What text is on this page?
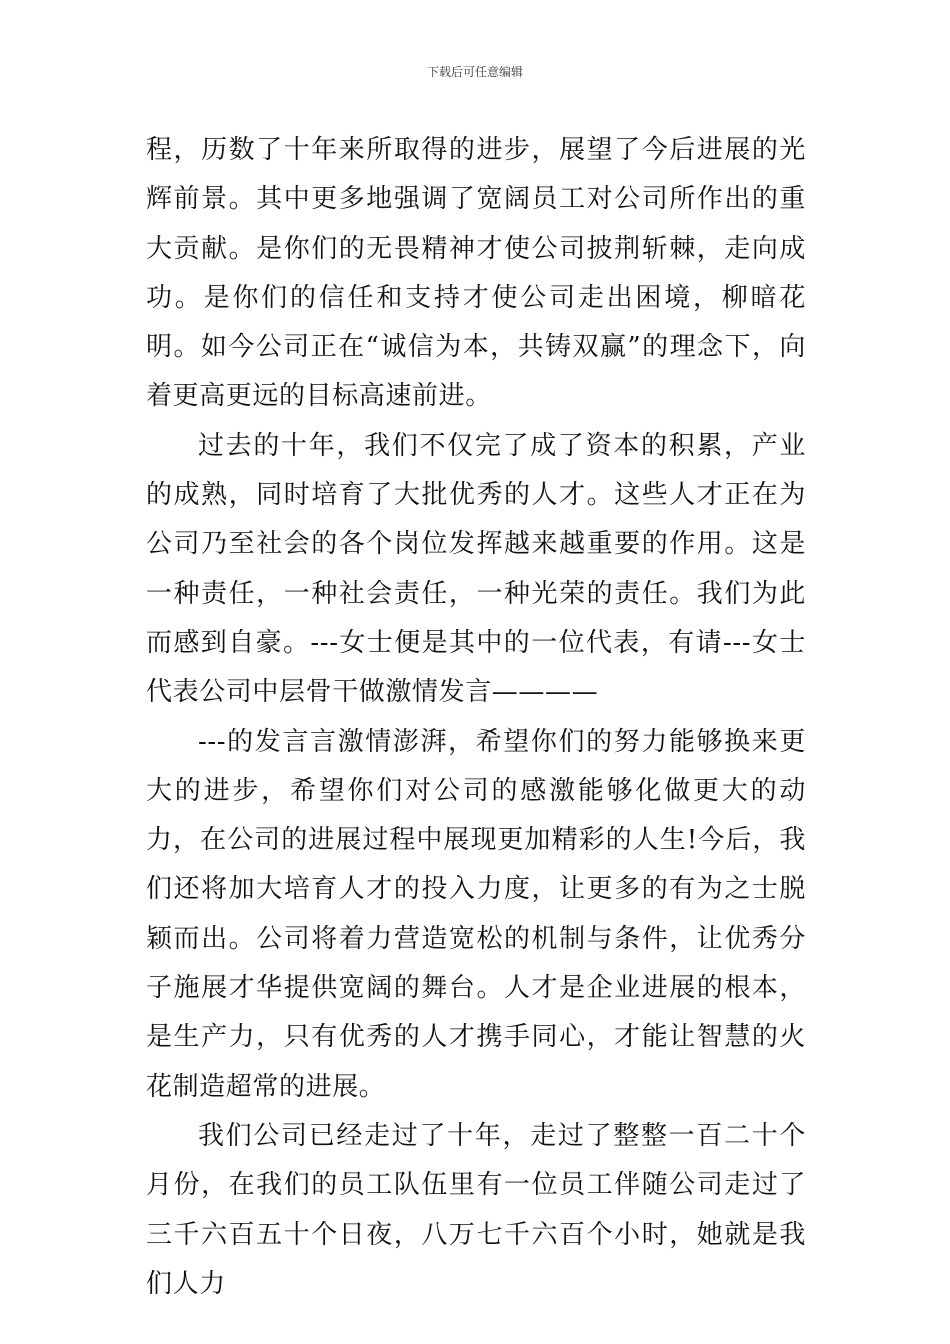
下载后可任意编辑

程，历数了十年来所取得的进步，展望了今后进展的光辉前景。其中更多地强调了宽阔员工对公司所作出的重大贡献。是你们的无畏精神才使公司披荆斩棘，走向成功。是你们的信任和支持才使公司走出困境，柳暗花明。如今公司正在“诚信为本，共铸双赢”的理念下，向着更高更远的目标高速前进。

过去的十年，我们不仅完了成了资本的积累，产业的成熟，同时培育了大批优秀的人才。这些人才正在为公司乃至社会的各个岗位发挥越来越重要的作用。这是一种责任，一种社会责任，一种光荣的责任。我们为此而感到自豪。---女士便是其中的一位代表，有请---女士代表公司中层骨干做激情发言————

---的发言言激情澎湃，希望你们的努力能够换来更大的进步，希望你们对公司的感激能够化做更大的动力，在公司的进展过程中展现更加精彩的人生!今后，我们还将加大培育人才的投入力度，让更多的有为之士脱颖而出。公司将着力营造宽松的机制与条件，让优秀分子施展才华提供宽阔的舞台。人才是企业进展的根本，是生产力，只有优秀的人才携手同心，才能让智慧的火花制造超常的进展。

我们公司已经走过了十年，走过了整整一百二十个月份，在我们的员工队伍里有一位员工伴随公司走过了三千六百五十个日夜，八万七千六百个小时，她就是我们人力
